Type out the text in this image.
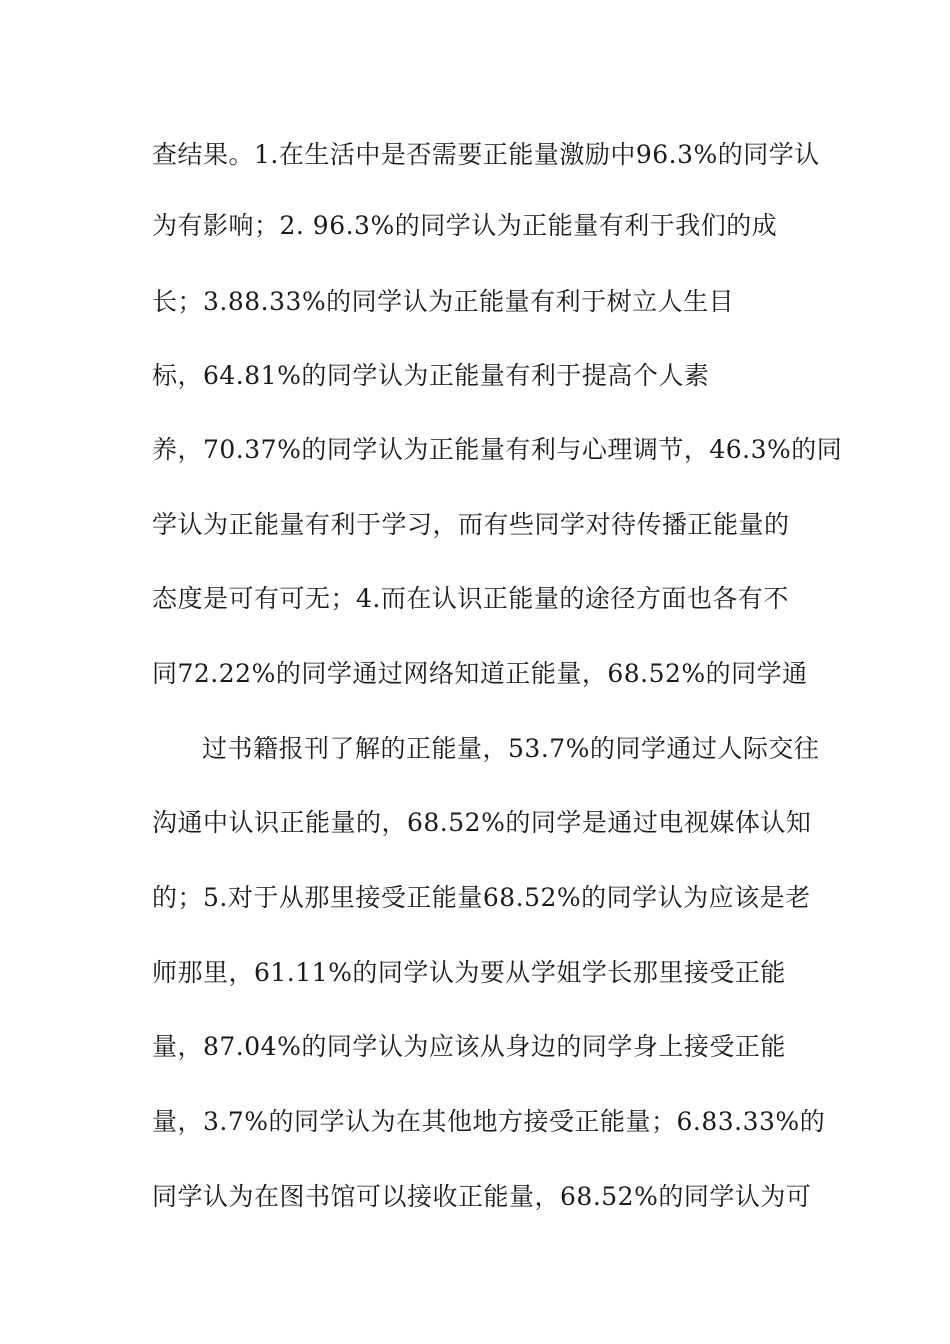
查结果。1.在生活中是否需要正能量激励中96.3%的同学认
为有影响；2. 96.3%的同学认为正能量有利于我们的成
长；3.88.33%的同学认为正能量有利于树立人生目
标，64.81%的同学认为正能量有利于提高个人素
养，70.37%的同学认为正能量有利与心理调节，46.3%的同
学认为正能量有利于学习，而有些同学对待传播正能量的
态度是可有可无；4.而在认识正能量的途径方面也各有不
同72.22%的同学通过网络知道正能量，68.52%的同学通
过书籍报刊了解的正能量，53.7%的同学通过人际交往
沟通中认识正能量的，68.52%的同学是通过电视媒体认知
的；5.对于从那里接受正能量68.52%的同学认为应该是老
师那里，61.11%的同学认为要从学姐学长那里接受正能
量，87.04%的同学认为应该从身边的同学身上接受正能
量，3.7%的同学认为在其他地方接受正能量；6.83.33%的
同学认为在图书馆可以接收正能量，68.52%的同学认为可
